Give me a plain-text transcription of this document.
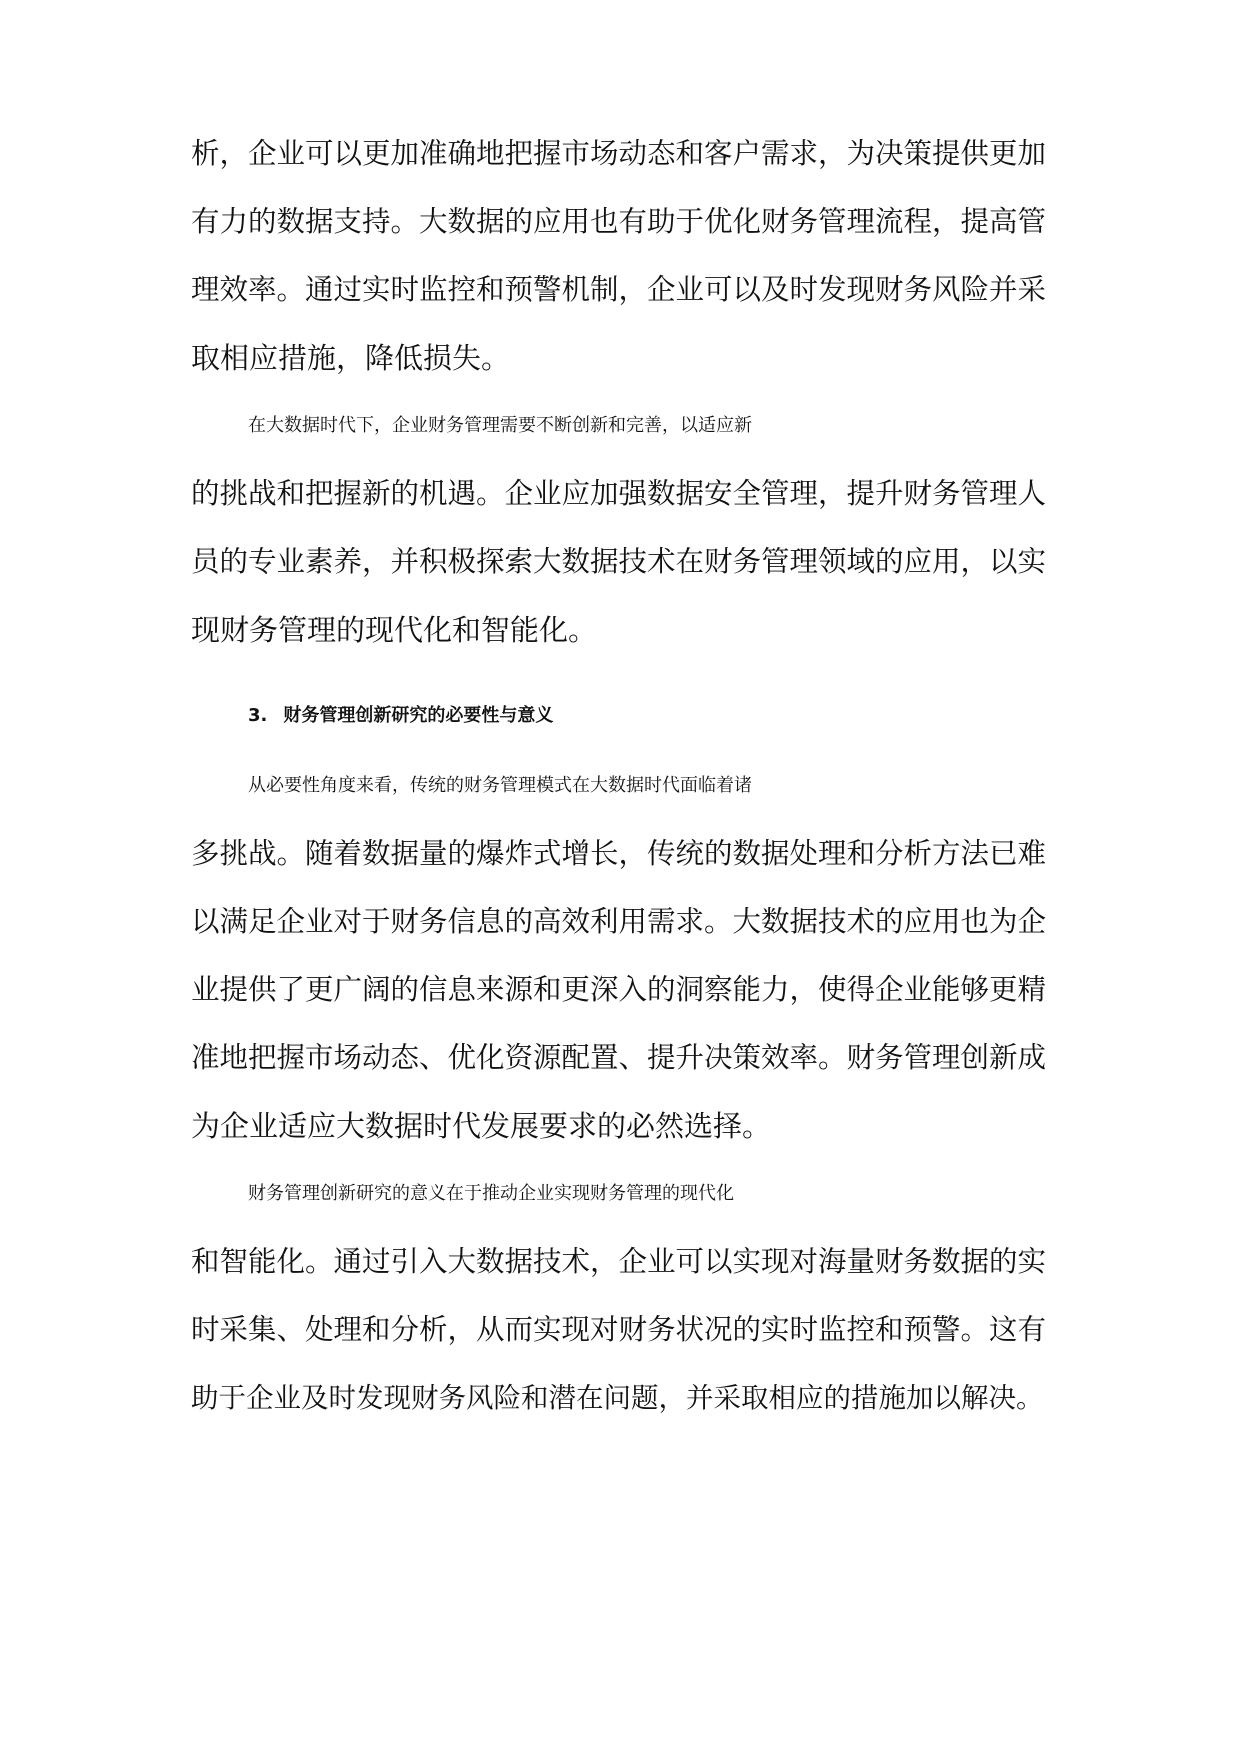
析，企业可以更加准确地把握市场动态和客户需求，为决策提供更加
有力的数据支持。大数据的应用也有助于优化财务管理流程，提高管
理效率。通过实时监控和预警机制，企业可以及时发现财务风险并采
取相应措施，降低损失。
在大数据时代下，企业财务管理需要不断创新和完善，以适应新
的挑战和把握新的机遇。企业应加强数据安全管理，提升财务管理人
员的专业素养，并积极探索大数据技术在财务管理领域的应用，以实
现财务管理的现代化和智能化。
3. 财务管理创新研究的必要性与意义
从必要性角度来看，传统的财务管理模式在大数据时代面临着诸
多挑战。随着数据量的爆炸式增长，传统的数据处理和分析方法已难
以满足企业对于财务信息的高效利用需求。大数据技术的应用也为企
业提供了更广阔的信息来源和更深入的洞察能力，使得企业能够更精
准地把握市场动态、优化资源配置、提升决策效率。财务管理创新成
为企业适应大数据时代发展要求的必然选择。
财务管理创新研究的意义在于推动企业实现财务管理的现代化
和智能化。通过引入大数据技术，企业可以实现对海量财务数据的实
时采集、处理和分析，从而实现对财务状况的实时监控和预警。这有
助于企业及时发现财务风险和潜在问题，并采取相应的措施加以解决。
